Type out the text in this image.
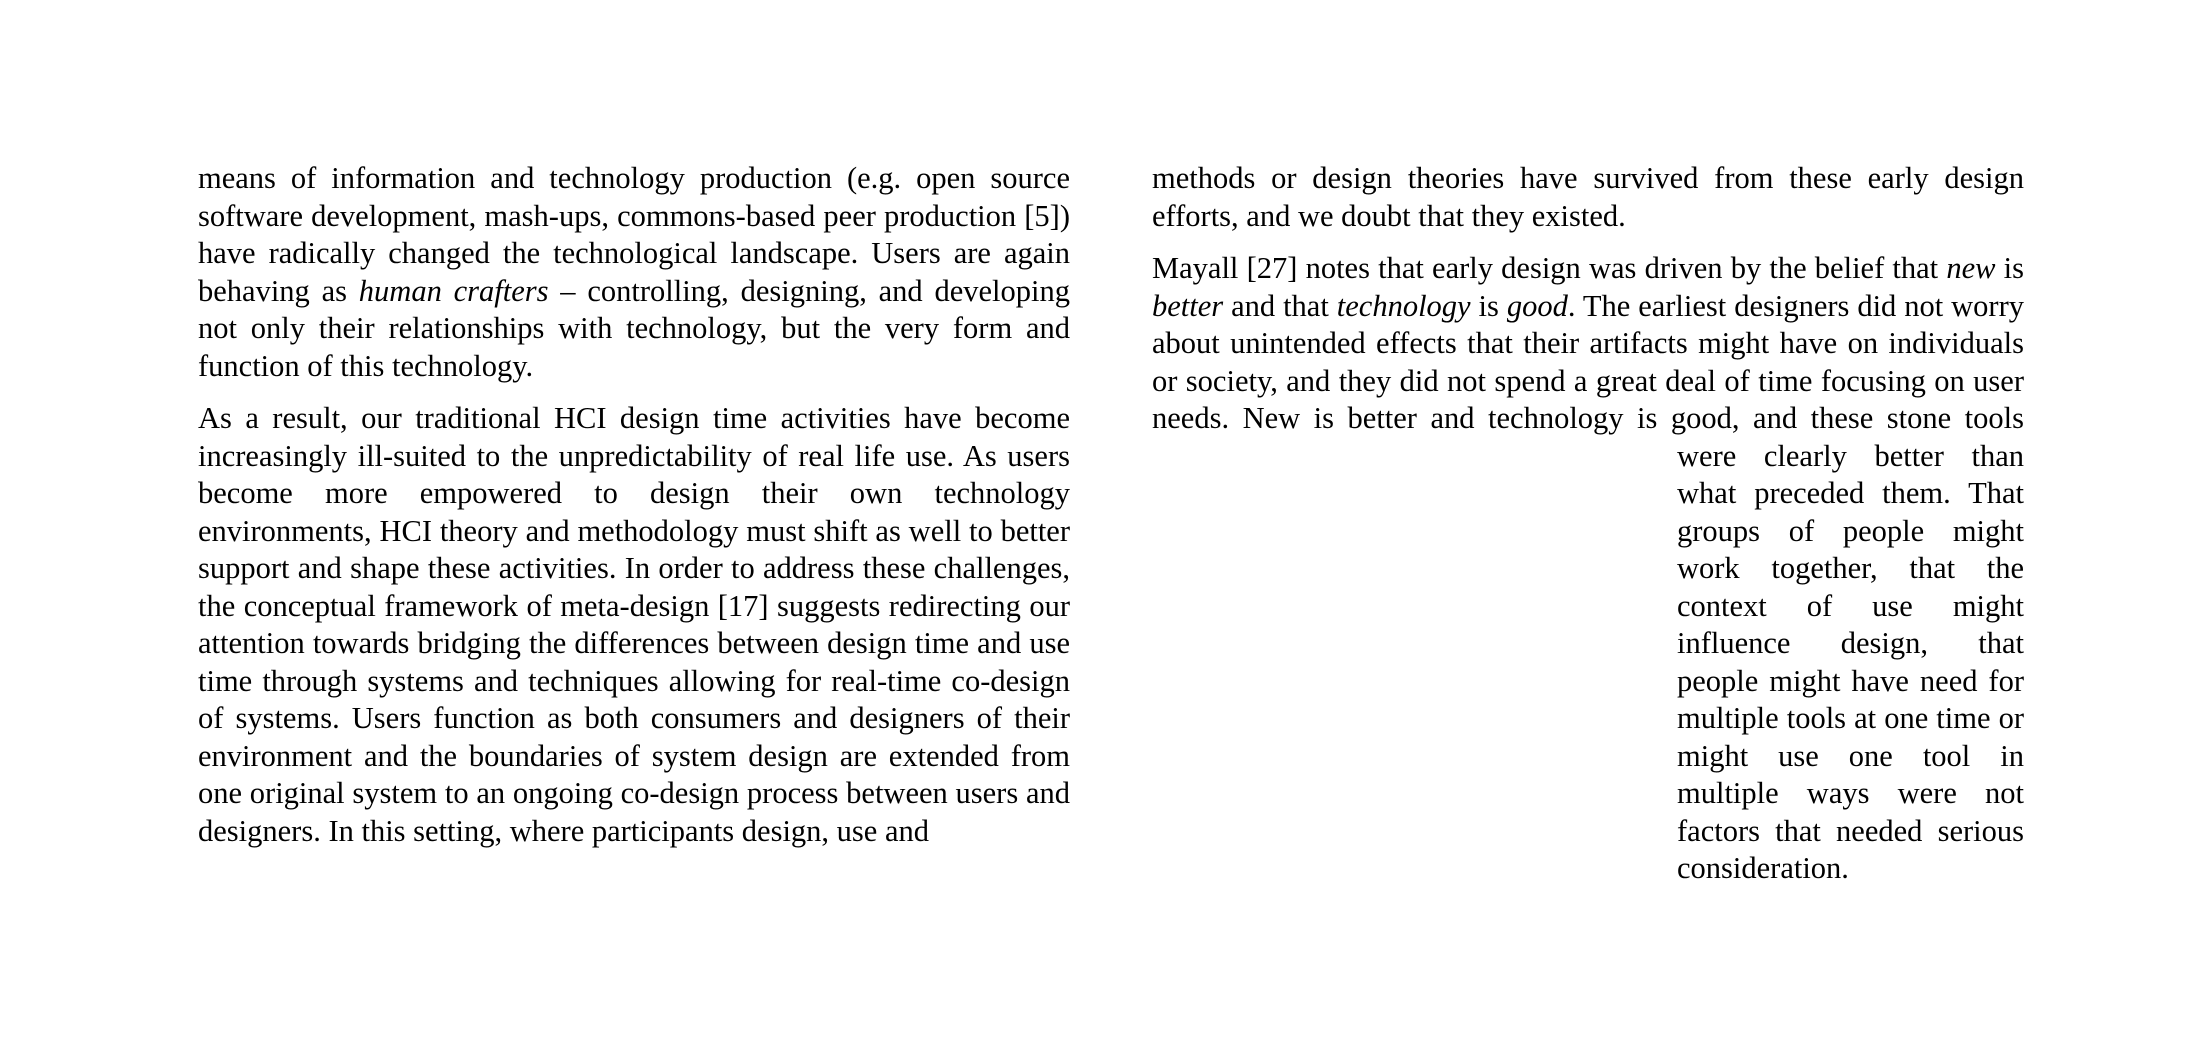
means of information and technology production (e.g. open source software development, mash-ups, commons-based peer production [5]) have radically changed the technological landscape. Users are again behaving as human crafters – controlling, designing, and developing not only their relationships with technology, but the very form and function of this technology.

As a result, our traditional HCI design time activities have become increasingly ill-suited to the unpredictability of real life use. As users become more empowered to design their own technology environments, HCI theory and methodology must shift as well to better support and shape these activities. In order to address these challenges, the conceptual framework of meta-design [17] suggests redirecting our attention towards bridging the differences between design time and use time through systems and techniques allowing for real-time co-design of systems. Users function as both consumers and designers of their environment and the boundaries of system design are extended from one original system to an ongoing co-design process between users and designers. In this setting, where participants design, use and

methods or design theories have survived from these early design efforts, and we doubt that they existed.

Mayall [27] notes that early design was driven by the belief that new is better and that technology is good. The earliest designers did not worry about unintended effects that their artifacts might have on individuals or society, and they did not spend a great deal of time focusing on user needs. New is better and technology is good, and these stone tools were clearly better than what preceded them. That groups of people might work together, that the context of use might influence design, that people might have need for multiple tools at one time or might use one tool in multiple ways were not factors that needed serious consideration.
